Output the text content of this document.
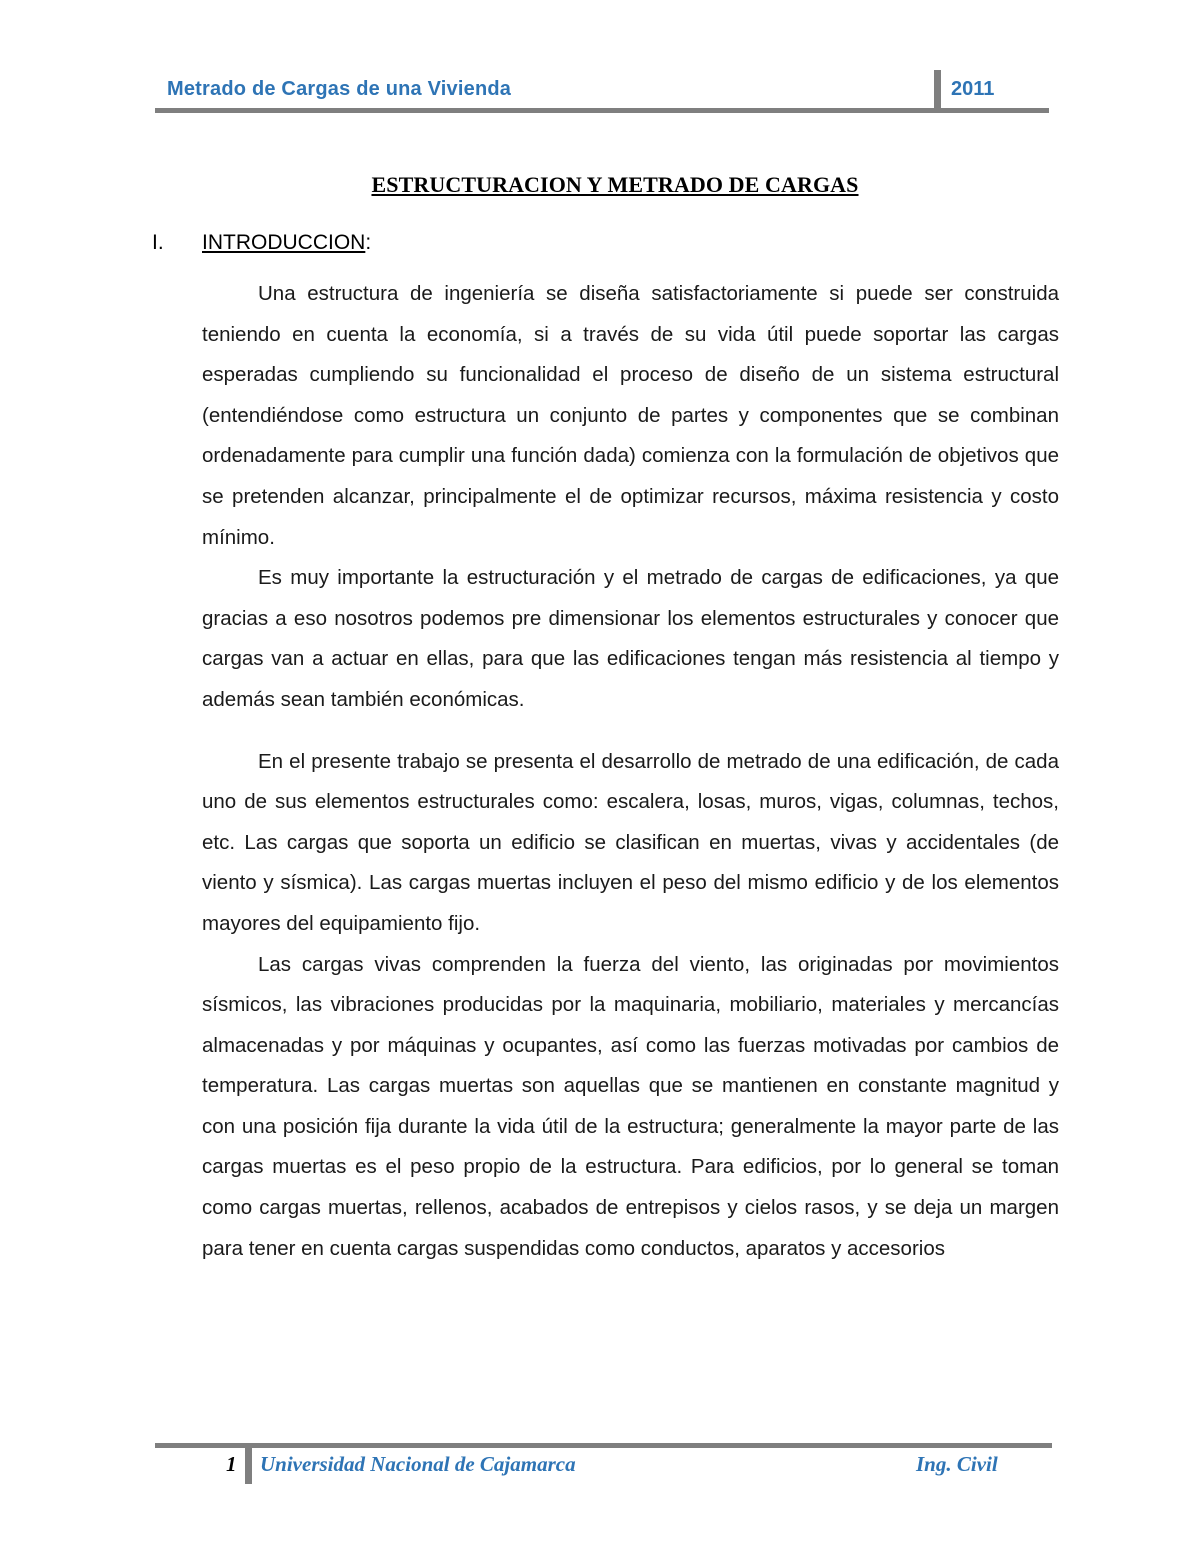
Metrado de Cargas de una Vivienda	2011
ESTRUCTURACION Y METRADO DE CARGAS
I. INTRODUCCION:

Una estructura de ingeniería se diseña satisfactoriamente si puede ser construida teniendo en cuenta la economía, si a través de su vida útil puede soportar las cargas esperadas cumpliendo su funcionalidad el proceso de diseño de un sistema estructural (entendiéndose como estructura un conjunto de partes y componentes que se combinan ordenadamente para cumplir una función dada) comienza con la formulación de objetivos que se pretenden alcanzar, principalmente el de optimizar recursos, máxima resistencia y costo mínimo.

Es muy importante la estructuración y el metrado de cargas de edificaciones, ya que gracias a eso nosotros podemos pre dimensionar los elementos estructurales y conocer que cargas van a actuar en ellas, para que las edificaciones tengan más resistencia al tiempo y además sean también económicas.

En el presente trabajo se presenta el desarrollo de metrado de una edificación, de cada uno de sus elementos estructurales como: escalera, losas, muros, vigas, columnas, techos, etc. Las cargas que soporta un edificio se clasifican en muertas, vivas y accidentales (de viento y sísmica). Las cargas muertas incluyen el peso del mismo edificio y de los elementos mayores del equipamiento fijo.

Las cargas vivas comprenden la fuerza del viento, las originadas por movimientos sísmicos, las vibraciones producidas por la maquinaria, mobiliario, materiales y mercancías almacenadas y por máquinas y ocupantes, así como las fuerzas motivadas por cambios de temperatura. Las cargas muertas son aquellas que se mantienen en constante magnitud y con una posición fija durante la vida útil de la estructura; generalmente la mayor parte de las cargas muertas es el peso propio de la estructura. Para edificios, por lo general se toman como cargas muertas, rellenos, acabados de entrepisos y cielos rasos, y se deja un margen para tener en cuenta cargas suspendidas como conductos, aparatos y accesorios

1 Universidad Nacional de Cajamarca	Ing. Civil
